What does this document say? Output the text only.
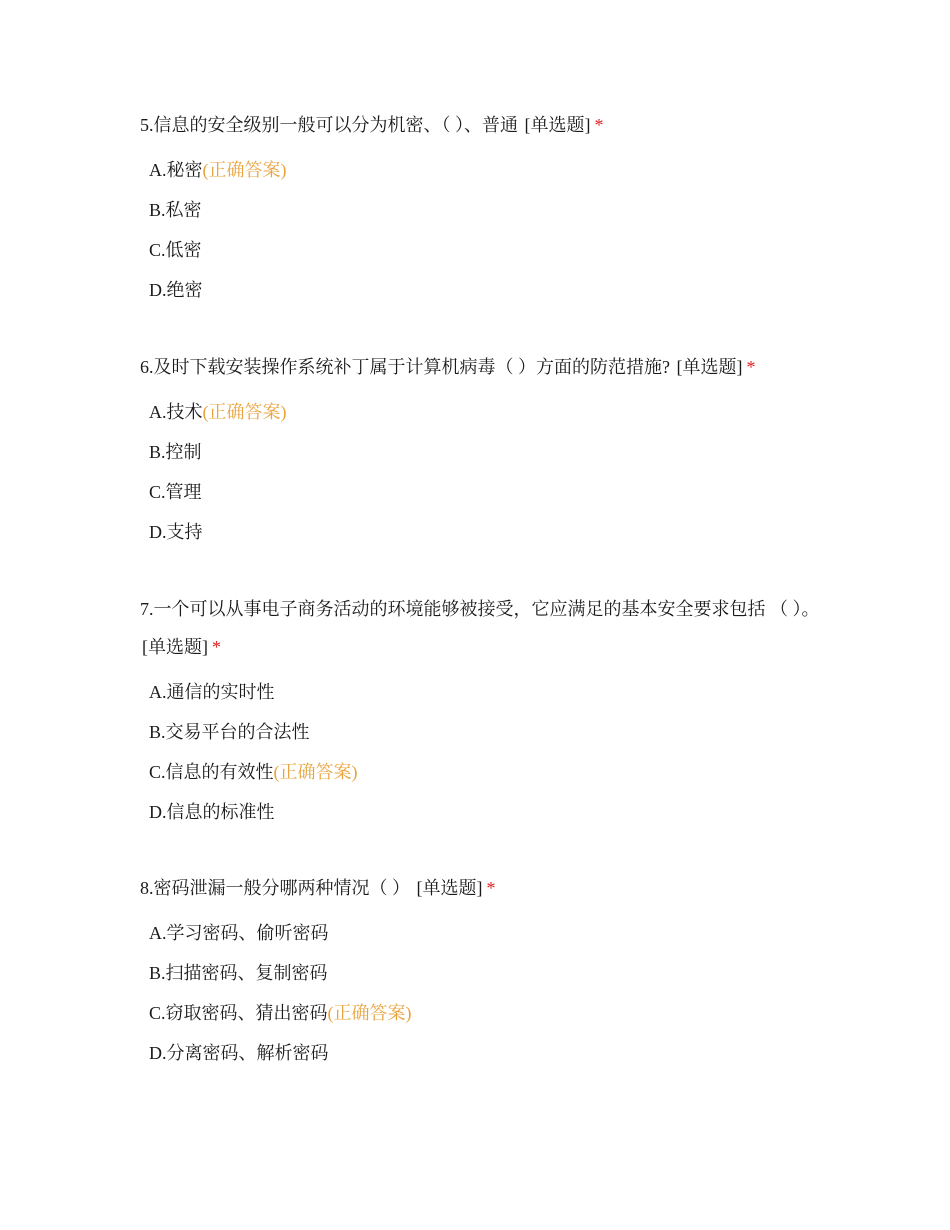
5.信息的安全级别一般可以分为机密、（ ）、普通 [单选题] *

A.秘密(正确答案)
B.私密
C.低密
D.绝密

6.及时下载安装操作系统补丁属于计算机病毒（ ）方面的防范措施? [单选题] *

A.技术(正确答案)
B.控制
C.管理
D.支持

7.一个可以从事电子商务活动的环境能够被接受，它应满足的基本安全要求包括 （ ）。 [单选题] *

A.通信的实时性
B.交易平台的合法性
C.信息的有效性(正确答案)
D.信息的标准性

8.密码泄漏一般分哪两种情况（ ） [单选题] *

A.学习密码、偷听密码
B.扫描密码、复制密码
C.窃取密码、猜出密码(正确答案)
D.分离密码、解析密码
